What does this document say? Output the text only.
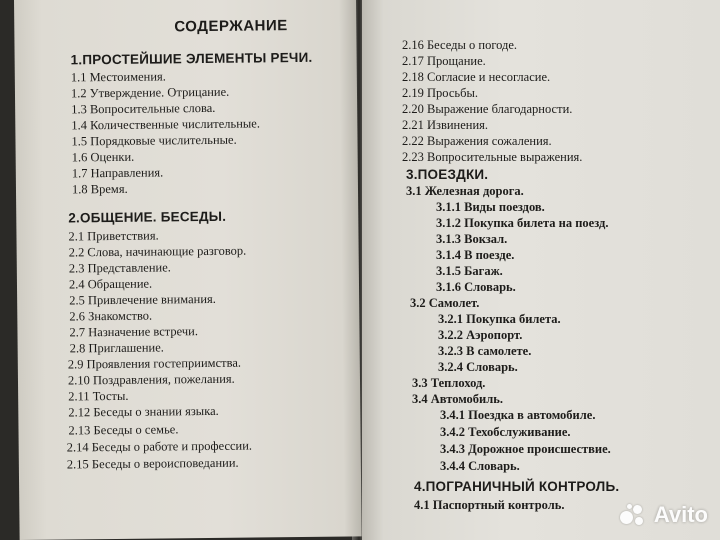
СОДЕРЖАНИЕ
1.ПРОСТЕЙШИЕ ЭЛЕМЕНТЫ РЕЧИ.
1.1 Местоимения.
1.2 Утверждение. Отрицание.
1.3 Вопросительные слова.
1.4 Количественные числительные.
1.5 Порядковые числительные.
1.6 Оценки.
1.7 Направления.
1.8 Время.
2.ОБЩЕНИЕ. БЕСЕДЫ.
2.1 Приветствия.
2.2 Слова, начинающие разговор.
2.3 Представление.
2.4 Обращение.
2.5 Привлечение внимания.
2.6 Знакомство.
2.7 Назначение встречи.
2.8 Приглашение.
2.9 Проявления гостеприимства.
2.10 Поздравления, пожелания.
2.11 Тосты.
2.12 Беседы о знании языка.
2.13 Беседы о семье.
2.14 Беседы о работе и профессии.
2.15 Беседы о вероисповедании.
2.16 Беседы о погоде.
2.17 Прощание.
2.18 Согласие и несогласие.
2.19 Просьбы.
2.20 Выражение благодарности.
2.21 Извинения.
2.22 Выражения сожаления.
2.23 Вопросительные выражения.
3.ПОЕЗДКИ.
3.1 Железная дорога.
3.1.1 Виды поездов.
3.1.2 Покупка билета на поезд.
3.1.3 Вокзал.
3.1.4 В поезде.
3.1.5 Багаж.
3.1.6 Словарь.
3.2 Самолет.
3.2.1 Покупка билета.
3.2.2 Аэропорт.
3.2.3 В самолете.
3.2.4 Словарь.
3.3 Теплоход.
3.4 Автомобиль.
3.4.1 Поездка в автомобиле.
3.4.2 Техобслуживание.
3.4.3 Дорожное происшествие.
3.4.4 Словарь.
4.ПОГРАНИЧНЫЙ КОНТРОЛЬ.
4.1 Паспортный контроль.	Avito
